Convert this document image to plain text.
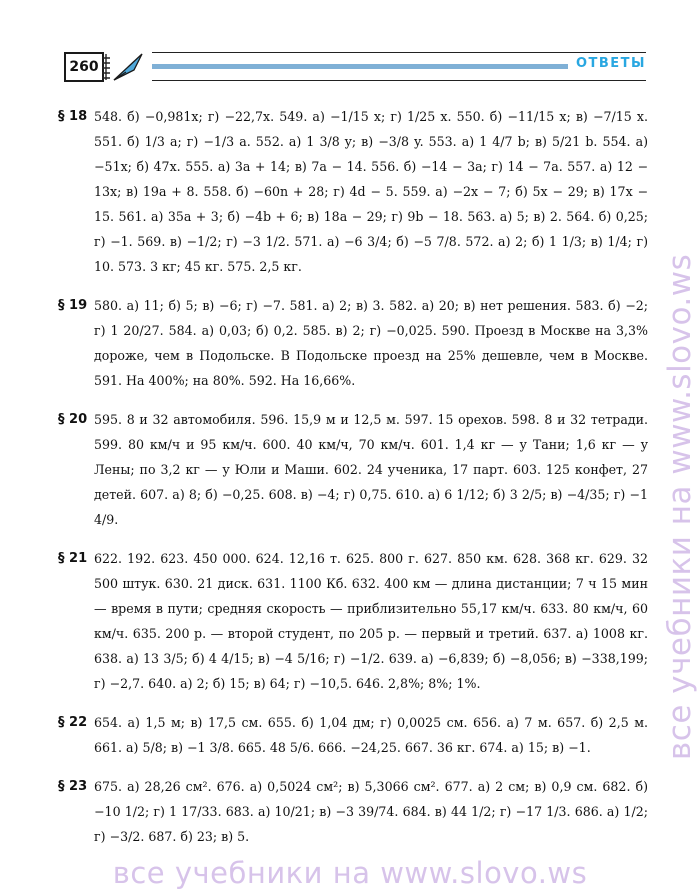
260	ОТВЕТЫ
§ 18 548. б) −0,981x; г) −22,7x. 549. а) −1/15 x; г) 1/25 x. 550. б) −11/15 x; в) −7/15 x. 551. б) 1/3 a; г) −1/3 a. 552. а) 1 3/8 y; в) −3/8 y. 553. а) 1 4/7 b; в) 5/21 b. 554. а) −51x; б) 47x. 555. а) 3a + 14; в) 7a − 14. 556. б) −14 − 3a; г) 14 − 7a. 557. а) 12 − 13x; в) 19a + 8. 558. б) −60n + 28; г) 4d − 5. 559. а) −2x − 7; б) 5x − 29; в) 17x − 15. 561. а) 35a + 3; б) −4b + 6; в) 18a − 29; г) 9b − 18. 563. а) 5; в) 2. 564. б) 0,25; г) −1. 569. в) −1/2; г) −3 1/2. 571. а) −6 3/4; б) −5 7/8. 572. а) 2; б) 1 1/3; в) 1/4; г) 10. 573. 3 кг; 45 кг. 575. 2,5 кг.
§ 19 580. а) 11; б) 5; в) −6; г) −7. 581. а) 2; в) 3. 582. а) 20; в) нет решения. 583. б) −2; г) 1 20/27. 584. а) 0,03; б) 0,2. 585. в) 2; г) −0,025. 590. Проезд в Москве на 3,3% дороже, чем в Подольске. В Подольске проезд на 25% дешевле, чем в Москве. 591. На 400%; на 80%. 592. На 16,66%.
§ 20 595. 8 и 32 автомобиля. 596. 15,9 м и 12,5 м. 597. 15 орехов. 598. 8 и 32 тетради. 599. 80 км/ч и 95 км/ч. 600. 40 км/ч, 70 км/ч. 601. 1,4 кг — у Тани; 1,6 кг — у Лены; по 3,2 кг — у Юли и Маши. 602. 24 ученика, 17 парт. 603. 125 конфет, 27 детей. 607. а) 8; б) −0,25. 608. в) −4; г) 0,75. 610. а) 6 1/12; б) 3 2/5; в) −4/35; г) −1 4/9.
§ 21 622. 192. 623. 450 000. 624. 12,16 т. 625. 800 г. 627. 850 км. 628. 368 кг. 629. 32 500 штук. 630. 21 диск. 631. 1100 Кб. 632. 400 км — длина дистанции; 7 ч 15 мин — время в пути; средняя скорость — приблизительно 55,17 км/ч. 633. 80 км/ч, 60 км/ч. 635. 200 р. — второй студент, по 205 р. — первый и третий. 637. а) 1008 кг. 638. а) 13 3/5; б) 4 4/15; в) −4 5/16; г) −1/2. 639. а) −6,839; б) −8,056; в) −338,199; г) −2,7. 640. а) 2; б) 15; в) 64; г) −10,5. 646. 2,8%; 8%; 1%.
§ 22 654. а) 1,5 м; в) 17,5 см. 655. б) 1,04 дм; г) 0,0025 см. 656. а) 7 м. 657. б) 2,5 м. 661. а) 5/8; в) −1 3/8. 665. 48 5/6. 666. −24,25. 667. 36 кг. 674. а) 15; в) −1.
§ 23 675. а) 28,26 см². 676. а) 0,5024 см²; в) 5,3066 см². 677. а) 2 см; в) 0,9 см. 682. б) −10 1/2; г) 1 17/33. 683. а) 10/21; в) −3 39/74. 684. в) 44 1/2; г) −17 1/3. 686. а) 1/2; г) −3/2. 687. б) 23; в) 5.
все учебники на www.slovo.ws
все учебники на www.slovo.ws
